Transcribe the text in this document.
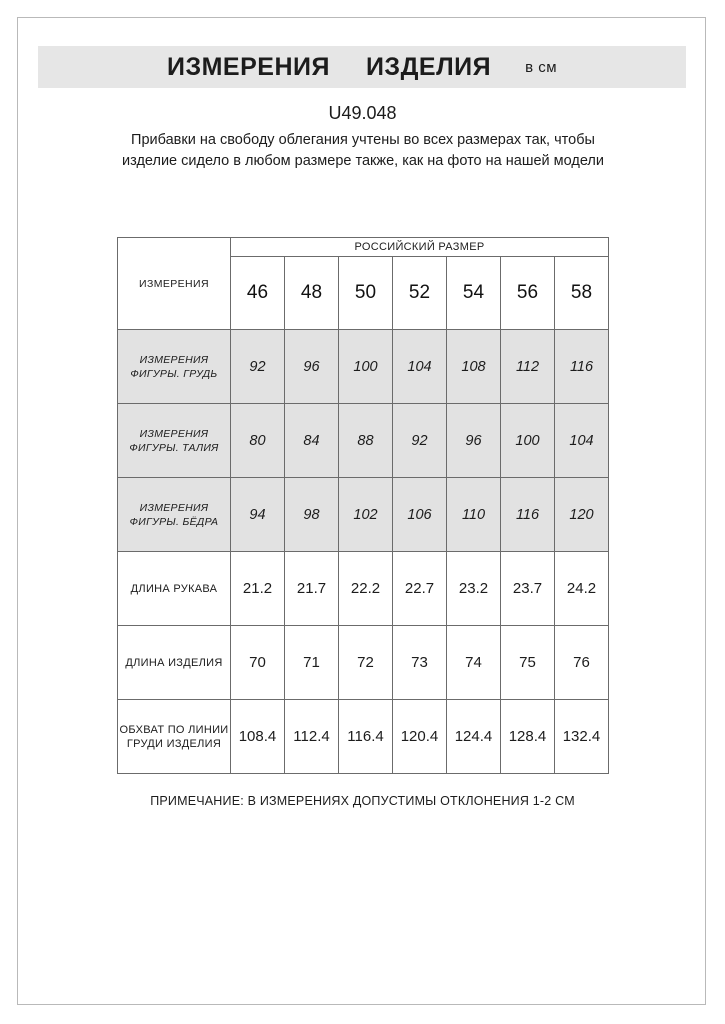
ИЗМЕРЕНИЯ ИЗДЕЛИЯ в см
U49.048
Прибавки на свободу облегания учтены во всех размерах так, чтобы изделие сидело в любом размере также, как на фото на нашей модели
ИЗМЕРЕНИЯ	РОССИЙСКИЙ РАЗМЕР						
	46	48	50	52	54	56	58
ИЗМЕРЕНИЯ ФИГУРЫ. ГРУДЬ	92	96	100	104	108	112	116
ИЗМЕРЕНИЯ ФИГУРЫ. ТАЛИЯ	80	84	88	92	96	100	104
ИЗМЕРЕНИЯ ФИГУРЫ. БЁДРА	94	98	102	106	110	116	120
ДЛИНА РУКАВА	21.2	21.7	22.2	22.7	23.2	23.7	24.2
ДЛИНА ИЗДЕЛИЯ	70	71	72	73	74	75	76
ОБХВАТ ПО ЛИНИИ ГРУДИ ИЗДЕЛИЯ	108.4	112.4	116.4	120.4	124.4	128.4	132.4
ПРИМЕЧАНИЕ: В ИЗМЕРЕНИЯХ ДОПУСТИМЫ ОТКЛОНЕНИЯ 1-2 СМ
